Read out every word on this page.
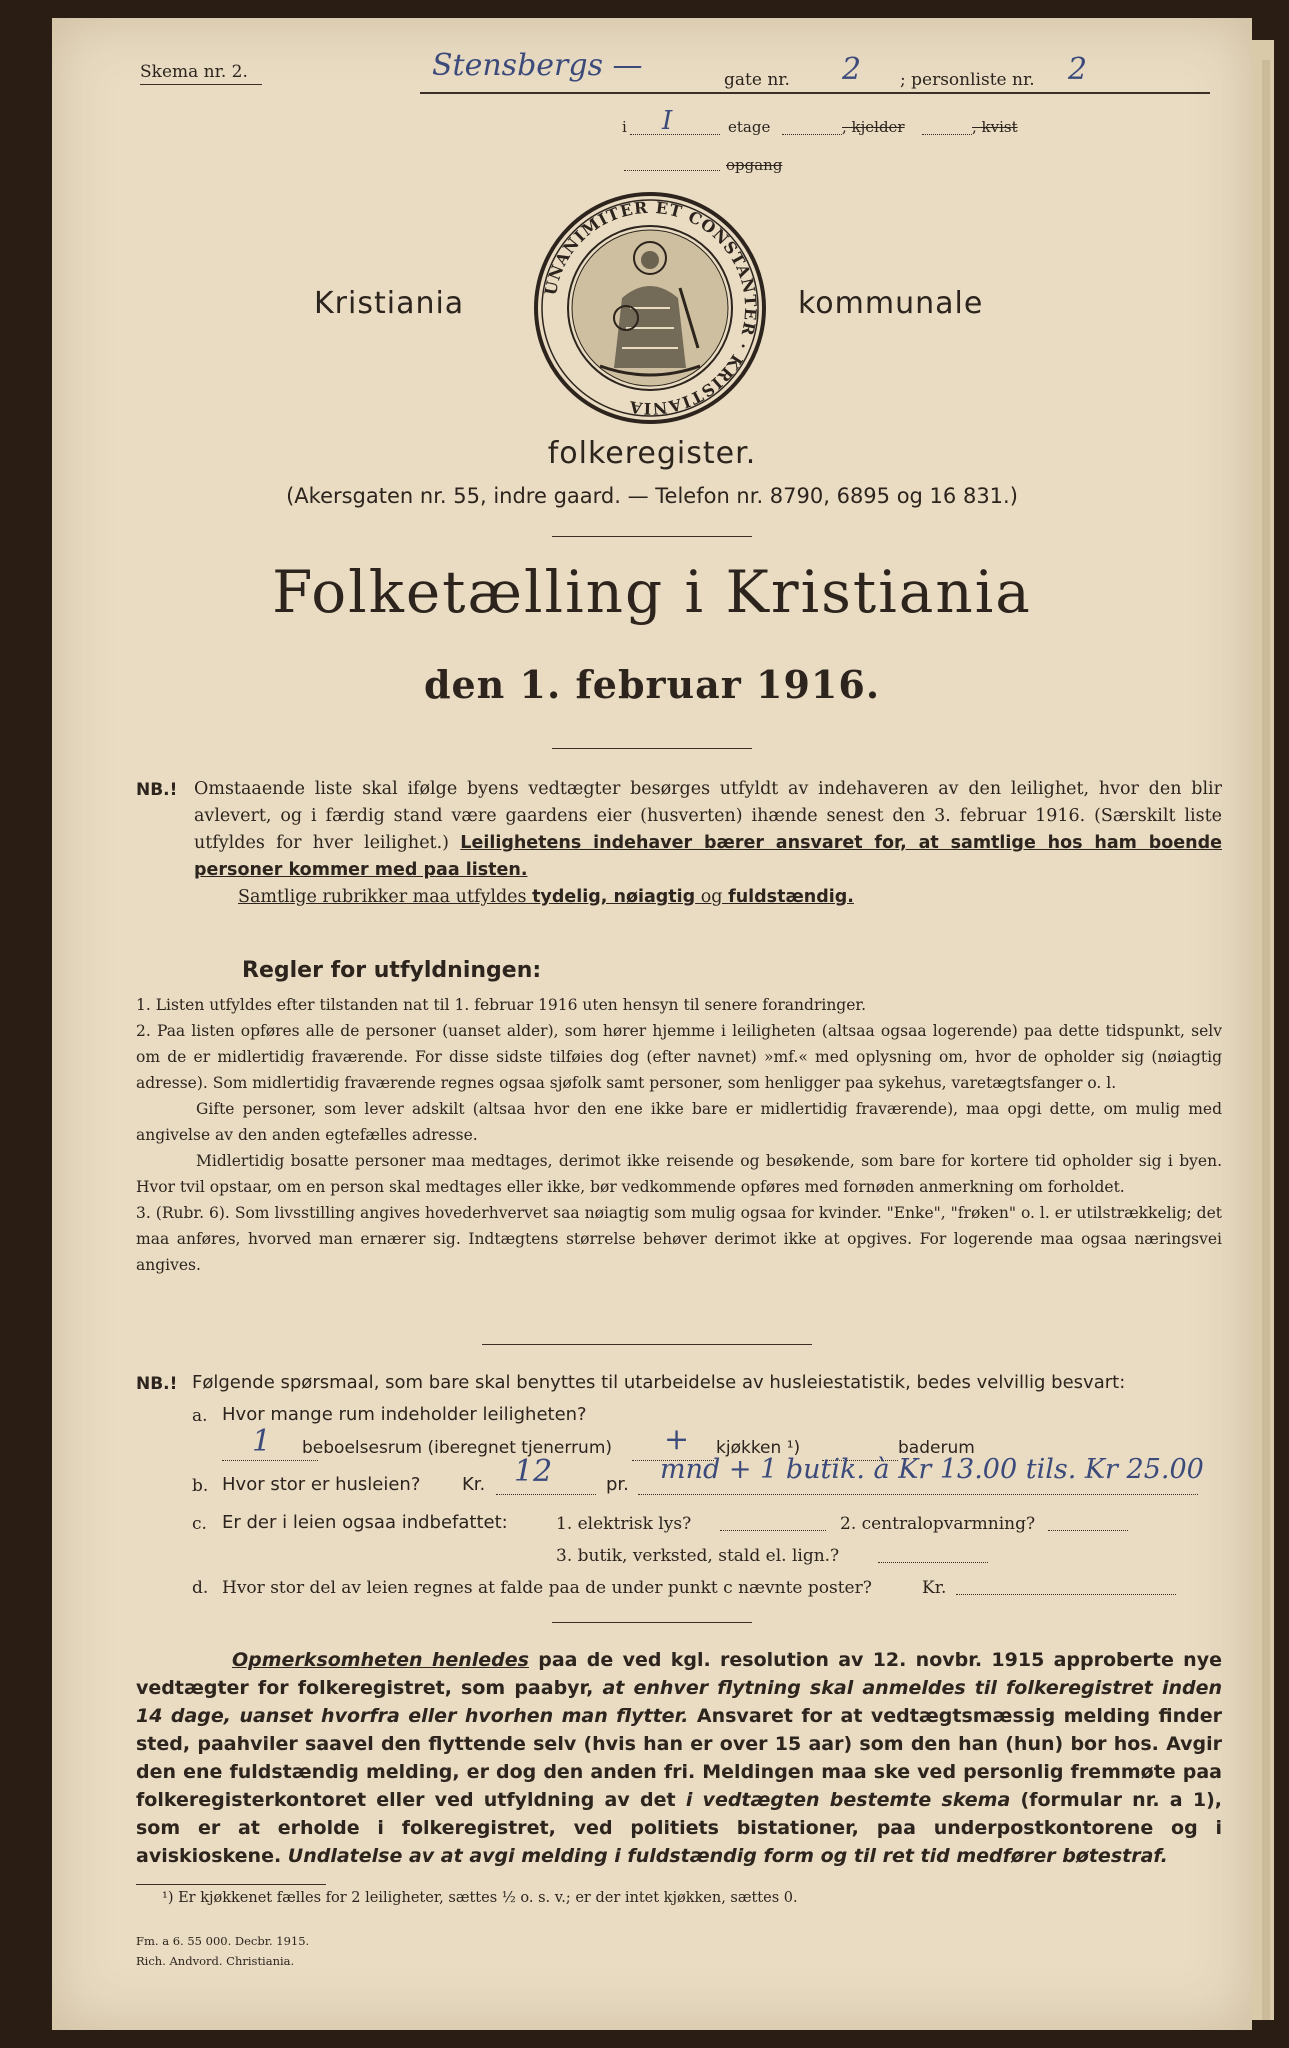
Skema nr. 2.	Stensbergs —	gate nr. 2 ; personliste nr. 2
i I	etage	, kjelder	, kvist
opgang
Kristiania	kommunale
UNANIMITER ET CONSTANTER · KRISTIANIA
folkeregister.
(Akersgaten nr. 55, indre gaard. — Telefon nr. 8790, 6895 og 16 831.)
Folketælling i Kristiania
den 1. februar 1916.
NB.! Omstaaende liste skal ifølge byens vedtægter besørges utfyldt av indehaveren av den leilighet, hvor den blir avlevert, og i færdig stand være gaardens eier (husverten) ihænde senest den 3. februar 1916. (Særskilt liste utfyldes for hver leilighet.) Leilighetens indehaver bærer ansvaret for, at samtlige hos ham boende personer kommer med paa listen.
Samtlige rubrikker maa utfyldes tydelig, nøiagtig og fuldstændig.
Regler for utfyldningen:

1. Listen utfyldes efter tilstanden nat til 1. februar 1916 uten hensyn til senere forandringer.

2. Paa listen opføres alle de personer (uanset alder), som hører hjemme i leiligheten (altsaa ogsaa logerende) paa dette tidspunkt, selv om de er midlertidig fraværende. For disse sidste tilføies dog (efter navnet) »mf.« med oplysning om, hvor de opholder sig (nøiagtig adresse). Som midlertidig fraværende regnes ogsaa sjøfolk samt personer, som henligger paa sykehus, varetægtsfanger o. l.

Gifte personer, som lever adskilt (altsaa hvor den ene ikke bare er midlertidig fraværende), maa opgi dette, om mulig med angivelse av den anden egtefælles adresse.

Midlertidig bosatte personer maa medtages, derimot ikke reisende og besøkende, som bare for kortere tid opholder sig i byen. Hvor tvil opstaar, om en person skal medtages eller ikke, bør vedkommende opføres med fornøden anmerkning om forholdet.

3. (Rubr. 6). Som livsstilling angives hovederhvervet saa nøiagtig som mulig ogsaa for kvinder. "Enke", "frøken" o. l. er utilstrækkelig; det maa anføres, hvorved man ernærer sig. Indtægtens størrelse behøver derimot ikke at opgives. For logerende maa ogsaa næringsvei angives.

NB.! Følgende spørsmaal, som bare skal benyttes til utarbeidelse av husleiestatistik, bedes velvillig besvart:
a. Hvor mange rum indeholder leiligheten?
1 beboelsesrum (iberegnet tjenerrum) + kjøkken ¹)	baderum
b. Hvor stor er husleien? Kr. 12	pr. mnd + 1 butik. à Kr 13.00 tils. Kr 25.00
c. Er der i leien ogsaa indbefattet:	1. elektrisk lys?	2. centralopvarmning?
3. butik, verksted, stald el. lign.?
d. Hvor stor del av leien regnes at falde paa de under punkt c nævnte poster?	Kr.
Opmerksomheten henledes paa de ved kgl. resolution av 12. novbr. 1915 approberte nye vedtægter for folkeregistret, som paabyr, at enhver flytning skal anmeldes til folkeregistret inden 14 dage, uanset hvorfra eller hvorhen man flytter. Ansvaret for at vedtægtsmæssig melding finder sted, paahviler saavel den flyttende selv (hvis han er over 15 aar) som den han (hun) bor hos. Avgir den ene fuldstændig melding, er dog den anden fri. Meldingen maa ske ved personlig fremmøte paa folkeregisterkontoret eller ved utfyldning av det i vedtægten bestemte skema (formular nr. a 1), som er at erholde i folkeregistret, ved politiets bistationer, paa underpostkontorene og i aviskioskene. Undlatelse av at avgi melding i fuldstændig form og til ret tid medfører bøtestraf.
¹) Er kjøkkenet fælles for 2 leiligheter, sættes ½ o. s. v.; er der intet kjøkken, sættes 0.
Fm. a 6. 55 000. Decbr. 1915.
Rich. Andvord. Christiania.
